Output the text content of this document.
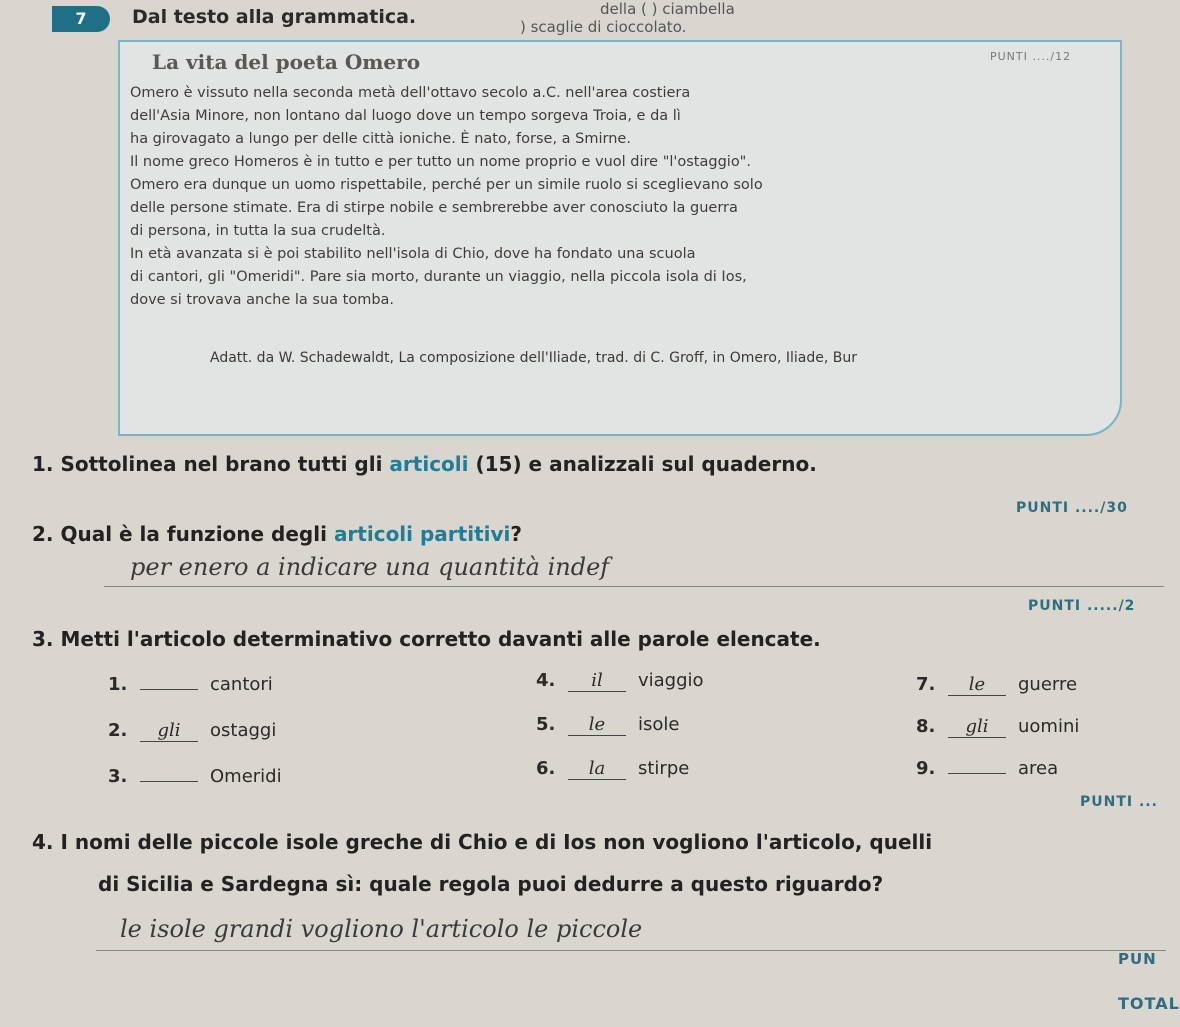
della ( ) ciambella
) scaglie di cioccolato.
7	Dal testo alla grammatica.
PUNTI ..../12
La vita del poeta Omero

Omero è vissuto nella seconda metà dell'ottavo secolo a.C. nell'area costiera

dell'Asia Minore, non lontano dal luogo dove un tempo sorgeva Troia, e da lì

ha girovagato a lungo per delle città ioniche. È nato, forse, a Smirne.

Il nome greco Homeros è in tutto e per tutto un nome proprio e vuol dire "l'ostaggio".

Omero era dunque un uomo rispettabile, perché per un simile ruolo si sceglievano solo

delle persone stimate. Era di stirpe nobile e sembrerebbe aver conosciuto la guerra

di persona, in tutta la sua crudeltà.

In età avanzata si è poi stabilito nell'isola di Chio, dove ha fondato una scuola

di cantori, gli "Omeridi". Pare sia morto, durante un viaggio, nella piccola isola di Ios,

dove si trovava anche la sua tomba.

Adatt. da W. Schadewaldt, La composizione dell'Iliade, trad. di C. Groff, in Omero, Iliade, Bur
1. Sottolinea nel brano tutti gli articoli (15) e analizzali sul quaderno.
PUNTI ..../30
2. Qual è la funzione degli articoli partitivi?
per enero a indicare una quantità indef
PUNTI ...../2
3. Metti l'articolo determinativo corretto davanti alle parole elencate.
1.	cantori
2. gli ostaggi
3.	Omeridi
4. il viaggio
5. le isole
6. la stirpe
7. le guerre
8. gli uomini
9.	area
PUNTI ...
4. I nomi delle piccole isole greche di Chio e di Ios non vogliono l'articolo, quelli
di Sicilia e Sardegna sì: quale regola puoi dedurre a questo riguardo?
le isole grandi vogliono l'articolo le piccole
PUN
TOTAL
